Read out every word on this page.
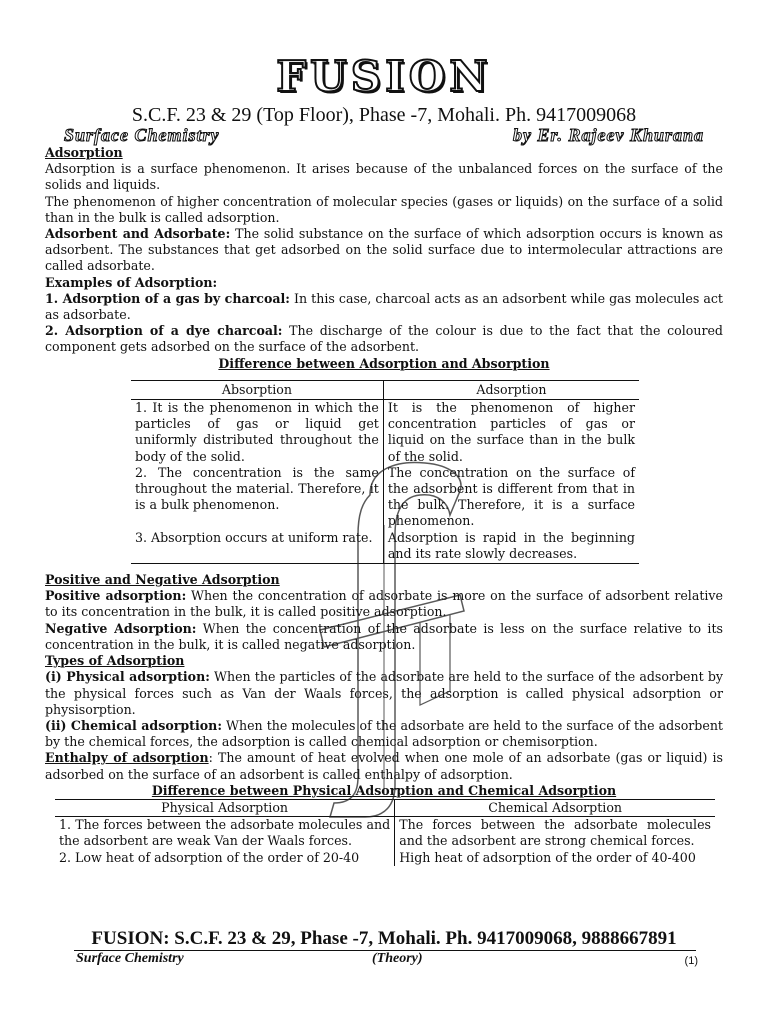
FUSION
S.C.F. 23 & 29 (Top Floor), Phase -7, Mohali. Ph. 9417009068
Surface Chemistry	by Er. Rajeev Khurana

Adsorption

Adsorption is a surface phenomenon. It arises because of the unbalanced forces on the surface of the solids and liquids.

The phenomenon of higher concentration of molecular species (gases or liquids) on the surface of a solid than in the bulk is called adsorption.

Adsorbent and Adsorbate: The solid substance on the surface of which adsorption occurs is known as adsorbent. The substances that get adsorbed on the solid surface due to intermolecular attractions are called adsorbate.

Examples of Adsorption:

1. Adsorption of a gas by charcoal: In this case, charcoal acts as an adsorbent while gas molecules act as adsorbate.

2. Adsorption of a dye charcoal: The discharge of the colour is due to the fact that the coloured component gets adsorbed on the surface of the adsorbent.

Difference between Adsorption and Absorption

Absorption	Adsorption
1. It is the phenomenon in which the particles of gas or liquid get uniformly distributed throughout the body of the solid.	It is the phenomenon of higher concentration particles of gas or liquid on the surface than in the bulk of the solid.
2. The concentration is the same throughout the material. Therefore, it is a bulk phenomenon.	The concentration on the surface of the adsorbent is different from that in the bulk. Therefore, it is a surface phenomenon.
3. Absorption occurs at uniform rate.	Adsorption is rapid in the beginning and its rate slowly decreases.

Positive and Negative Adsorption

Positive adsorption: When the concentration of adsorbate is more on the surface of adsorbent relative to its concentration in the bulk, it is called positive adsorption.

Negative Adsorption: When the concentration of the adsorbate is less on the surface relative to its concentration in the bulk, it is called negative adsorption.

Types of Adsorption

(i) Physical adsorption: When the particles of the adsorbate are held to the surface of the adsorbent by the physical forces such as Van der Waals forces, the adsorption is called physical adsorption or physisorption.

(ii) Chemical adsorption: When the molecules of the adsorbate are held to the surface of the adsorbent by the chemical forces, the adsorption is called chemical adsorption or chemisorption.

Enthalpy of adsorption: The amount of heat evolved when one mole of an adsorbate (gas or liquid) is adsorbed on the surface of an adsorbent is called enthalpy of adsorption.

Difference between Physical Adsorption and Chemical Adsorption

Physical Adsorption	Chemical Adsorption
1. The forces between the adsorbate molecules and the adsorbent are weak Van der Waals forces.	The forces between the adsorbate molecules and the adsorbent are strong chemical forces.
2. Low heat of adsorption of the order of 20-40	High heat of adsorption of the order of 40-400
FUSION: S.C.F. 23 & 29, Phase -7, Mohali. Ph. 9417009068, 9888667891
Surface Chemistry	(Theory)	(1)
